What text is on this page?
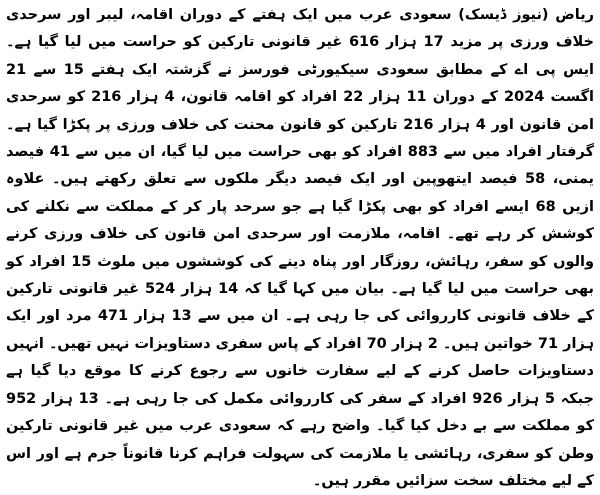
ریاض (نیوز ڈیسک) سعودی عرب میں ایک ہفتے کے دوران اقامہ، لیبر اور سرحدی خلاف ورزی پر مزید 17 ہزار 616 غیر قانونی تارکین کو حراست میں لیا گیا ہے۔ ایس پی اے کے مطابق سعودی سیکیورٹی فورسز نے گزشتہ ایک ہفتے 15 سے 21 اگست 2024 کے دوران 11 ہزار 22 افراد کو اقامہ قانون، 4 ہزار 216 کو سرحدی امن قانون اور 4 ہزار 216 تارکین کو قانون محنت کی خلاف ورزی پر پکڑا گیا ہے۔ گرفتار افراد میں سے 883 افراد کو بھی حراست میں لیا گیا، ان میں سے 41 فیصد یمنی، 58 فیصد ایتھوپین اور ایک فیصد دیگر ملکوں سے تعلق رکھتے ہیں۔ علاوہ ازیں 68 ایسے افراد کو بھی پکڑا گیا ہے جو سرحد پار کر کے مملکت سے نکلنے کی کوشش کر رہے تھے۔ اقامہ، ملازمت اور سرحدی امن قانون کی خلاف ورزی کرنے والوں کو سفر، رہائش، روزگار اور پناہ دینے کی کوششوں میں ملوث 15 افراد کو بھی حراست میں لیا گیا ہے۔ بیان میں کہا گیا کہ 14 ہزار 524 غیر قانونی تارکین کے خلاف قانونی کارروائی کی جا رہی ہے۔ ان میں سے 13 ہزار 471 مرد اور ایک ہزار 71 خواتین ہیں۔ 2 ہزار 70 افراد کے پاس سفری دستاویزات نہیں تھیں۔ انہیں دستاویزات حاصل کرنے کے لیے سفارت خانوں سے رجوع کرنے کا موقع دیا گیا ہے جبکہ 5 ہزار 926 افراد کے سفر کی کارروائی مکمل کی جا رہی ہے۔ 13 ہزار 952 کو مملکت سے بے دخل کیا گیا۔ واضح رہے کہ سعودی عرب میں غیر قانونی تارکین وطن کو سفری، رہائشی یا ملازمت کی سہولت فراہم کرنا قانوناً جرم ہے اور اس کے لیے مختلف سخت سزائیں مقرر ہیں۔
